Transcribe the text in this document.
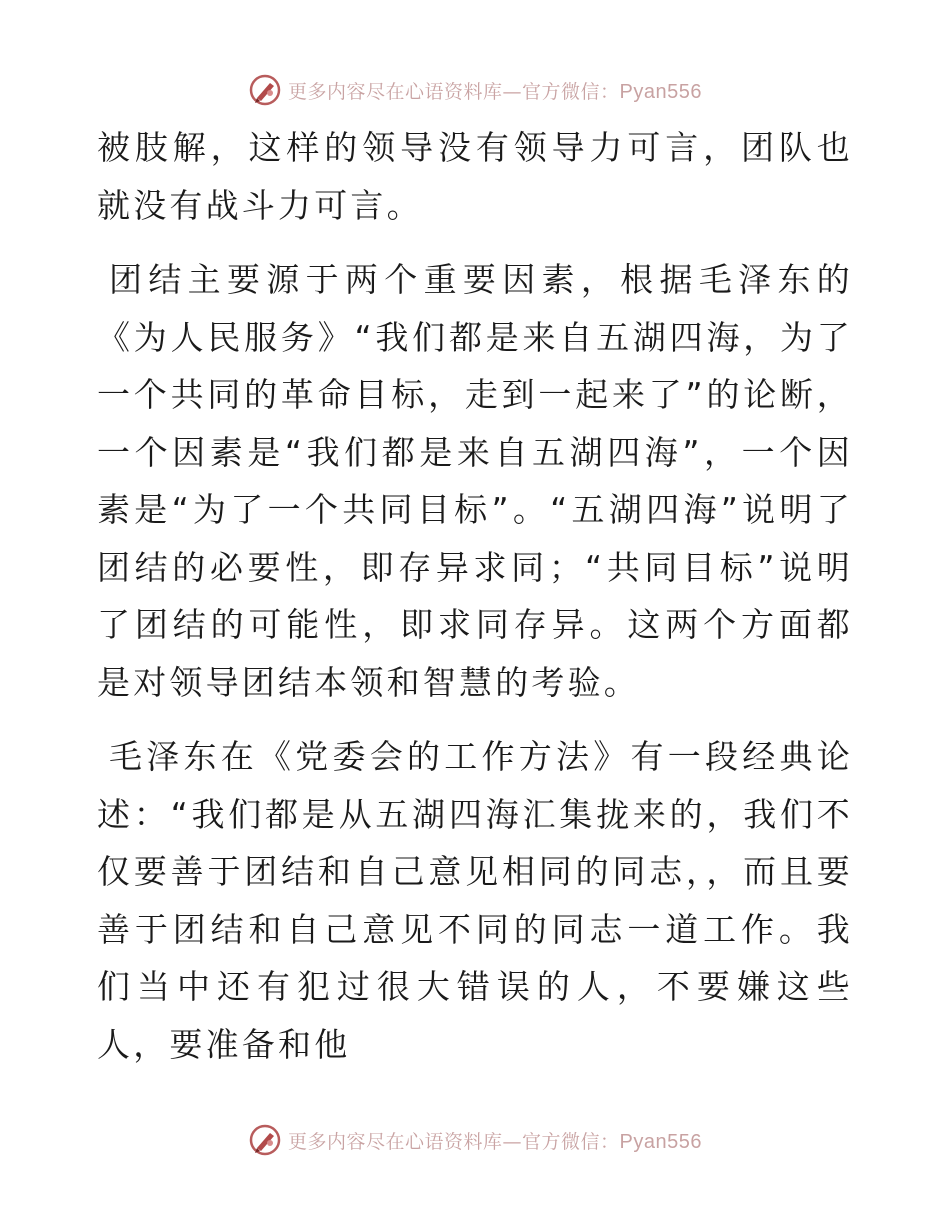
更多内容尽在心语资料库—官方微信：Pyan556

被肢解，这样的领导没有领导力可言，团队也就没有战斗力可言。

团结主要源于两个重要因素，根据毛泽东的《为人民服务》“我们都是来自五湖四海，为了一个共同的革命目标，走到一起来了”的论断，一个因素是“我们都是来自五湖四海”，一个因素是“为了一个共同目标”。“五湖四海”说明了团结的必要性，即存异求同；“共同目标”说明了团结的可能性，即求同存异。这两个方面都是对领导团结本领和智慧的考验。

毛泽东在《党委会的工作方法》有一段经典论述：“我们都是从五湖四海汇集拢来的，我们不仅要善于团结和自己意见相同的同志，，而且要善于团结和自己意见不同的同志一道工作。我们当中还有犯过很大错误的人，不要嫌这些人，要准备和他

更多内容尽在心语资料库—官方微信：Pyan556
